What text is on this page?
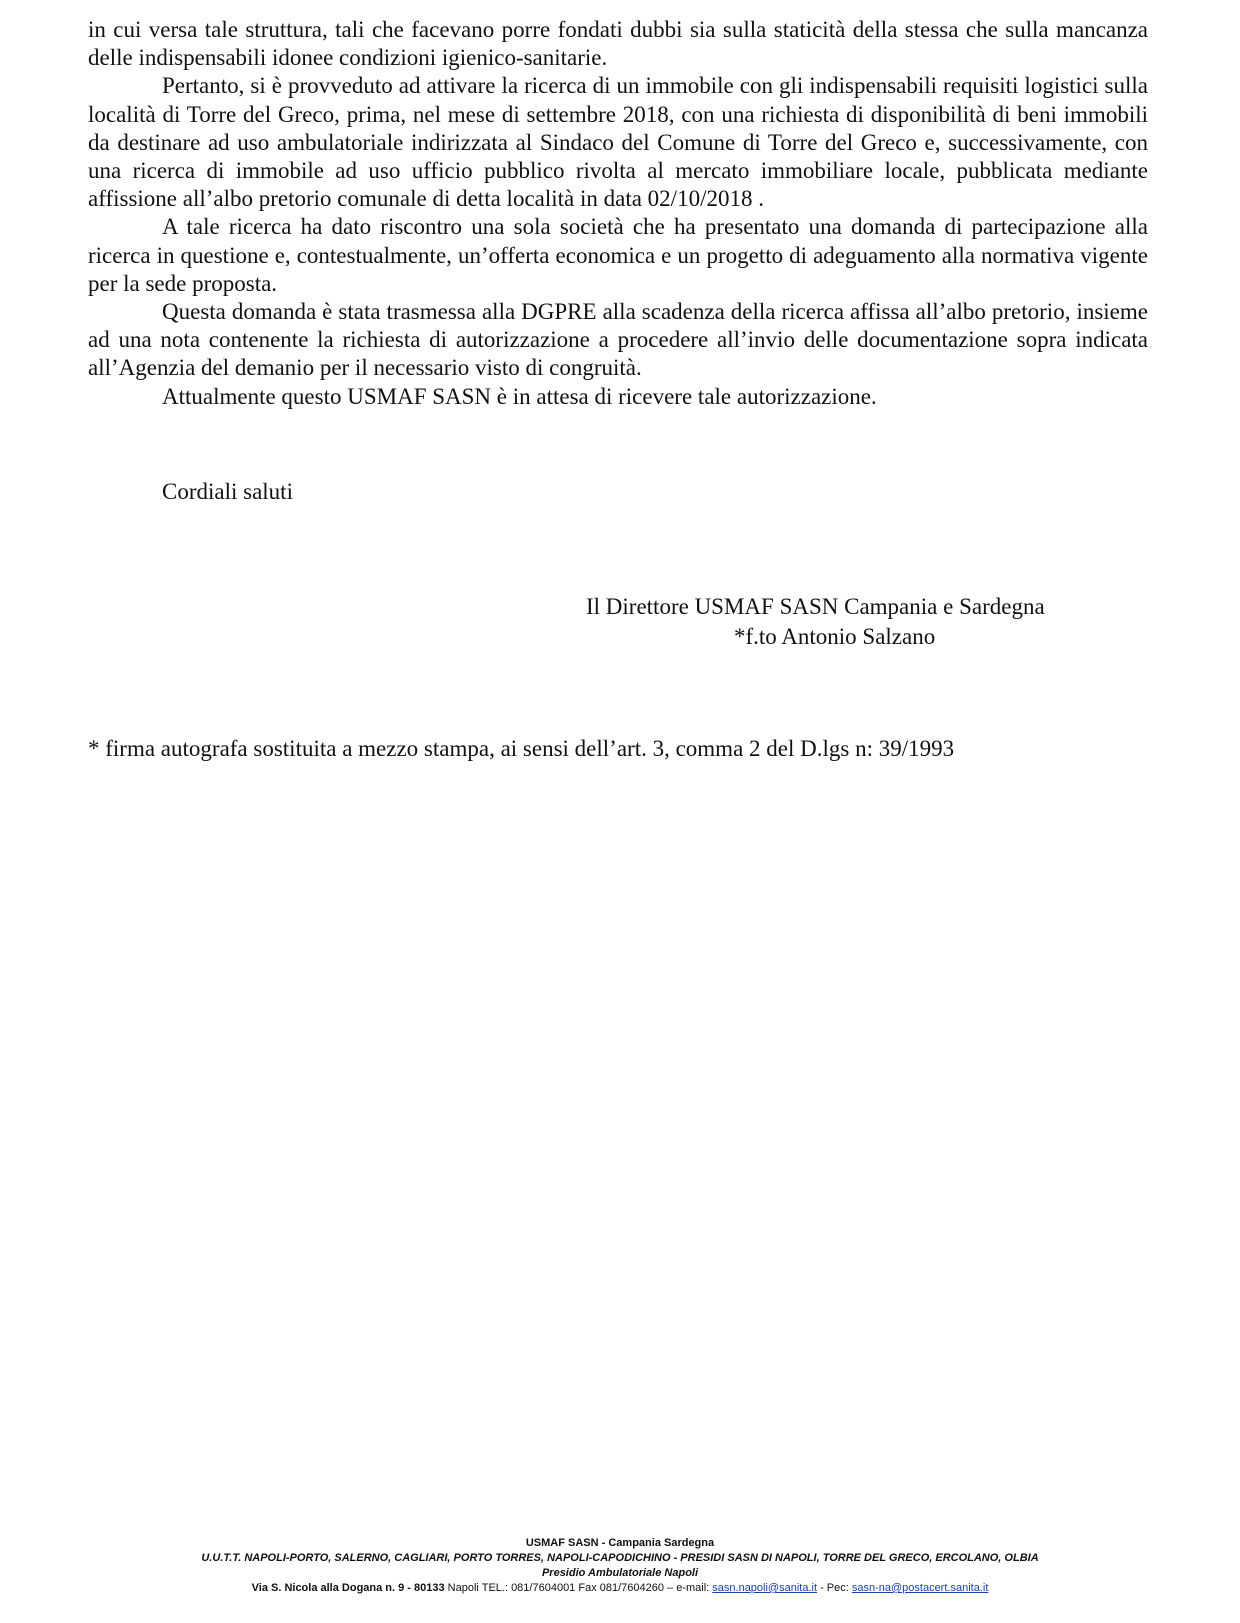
in cui versa tale struttura, tali che facevano porre fondati dubbi sia sulla staticità della stessa che sulla mancanza delle indispensabili idonee condizioni igienico-sanitarie.

Pertanto, si è provveduto ad attivare la ricerca di un immobile con gli indispensabili requisiti logistici sulla località di Torre del Greco, prima, nel mese di settembre 2018, con una richiesta di disponibilità di beni immobili da destinare ad uso ambulatoriale indirizzata al Sindaco del Comune di Torre del Greco e, successivamente, con una ricerca di immobile ad uso ufficio pubblico rivolta al mercato immobiliare locale, pubblicata mediante affissione all’albo pretorio comunale di detta località in data 02/10/2018 .

A tale ricerca ha dato riscontro una sola società che ha presentato una domanda di partecipazione alla ricerca in questione e, contestualmente, un’offerta economica e un progetto di adeguamento alla normativa vigente per la sede proposta.

Questa domanda è stata trasmessa alla DGPRE alla scadenza della ricerca affissa all’albo pretorio, insieme ad una nota contenente la richiesta di autorizzazione a procedere all’invio delle documentazione sopra indicata all’Agenzia del demanio per il necessario visto di congruità.

Attualmente questo USMAF SASN è in attesa di ricevere tale autorizzazione.

Cordiali saluti
Il Direttore USMAF SASN Campania e Sardegna
*f.to Antonio Salzano
* firma autografa sostituita a mezzo stampa, ai sensi dell’art. 3, comma 2 del D.lgs n: 39/1993
USMAF SASN - Campania Sardegna
U.U.T.T. NAPOLI-PORTO, SALERNO, CAGLIARI, PORTO TORRES, NAPOLI-CAPODICHINO - PRESIDI SASN DI NAPOLI, TORRE DEL GRECO, ERCOLANO, OLBIA
Presidio Ambulatoriale Napoli
Via S. Nicola alla Dogana n. 9 - 80133 Napoli TEL.: 081/7604001 Fax 081/7604260 – e-mail: sasn.napoli@sanita.it - Pec: sasn-na@postacert.sanita.it
